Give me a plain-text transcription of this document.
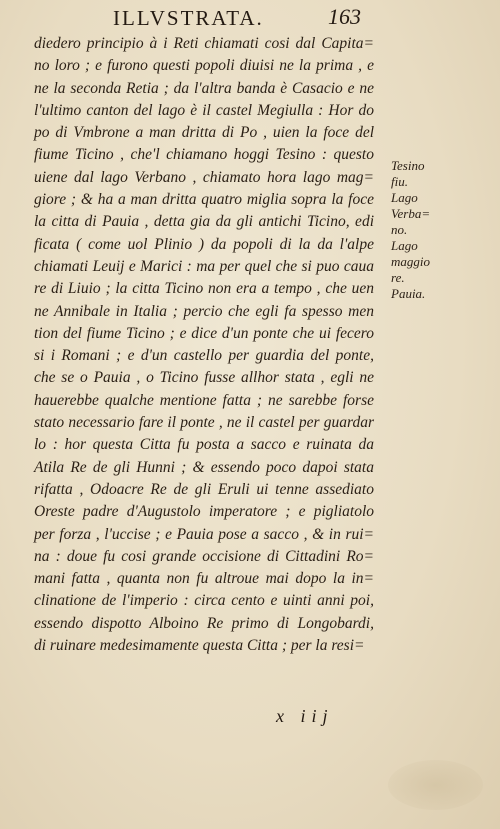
ILLVSTRATA.	163
diedero principio à i Reti chiamati cosi dal Capita=
no loro ; e furono questi popoli diuisi ne la prima , e
ne la seconda Retia ; da l'altra banda è Casacio e ne
l'ultimo canton del lago è il castel Megiulla : Hor do
po di Vmbrone a man dritta di Po , uien la foce del
fiume Ticino , che'l chiamano hoggi Tesino : questo
uiene dal lago Verbano , chiamato hora lago mag=
giore ; & ha a man dritta quatro miglia sopra la foce
la citta di Pauia , detta gia da gli antichi Ticino, edi
ficata ( come uol Plinio ) da popoli di la da l'alpe
chiamati Leuij e Marici : ma per quel che si puo caua
re di Liuio ; la citta Ticino non era a tempo , che uen
ne Annibale in Italia ; percio che egli fa spesso men
tion del fiume Ticino ; e dice d'un ponte che ui fecero
si i Romani ; e d'un castello per guardia del ponte,
che se o Pauia , o Ticino fusse allhor stata , egli ne
hauerebbe qualche mentione fatta ; ne sarebbe forse
stato necessario fare il ponte , ne il castel per guardar
lo : hor questa Citta fu posta a sacco e ruinata da
Atila Re de gli Hunni ; & essendo poco dapoi stata
rifatta , Odoacre Re de gli Eruli ui tenne assediato
Oreste padre d'Augustolo imperatore ; e pigliatolo
per forza , l'uccise ; e Pauia pose a sacco , & in rui=
na : doue fu cosi grande occisione di Cittadini Ro=
mani fatta , quanta non fu altroue mai dopo la in=
clinatione de l'imperio : circa cento e uinti anni poi,
essendo dispotto Alboino Re primo di Longobardi,
di ruinare medesimamente questa Citta ; per la resi=
Tesino
fiu.
Lago
Verba=
no.
Lago
maggio
re.
Pauia.
x iij
